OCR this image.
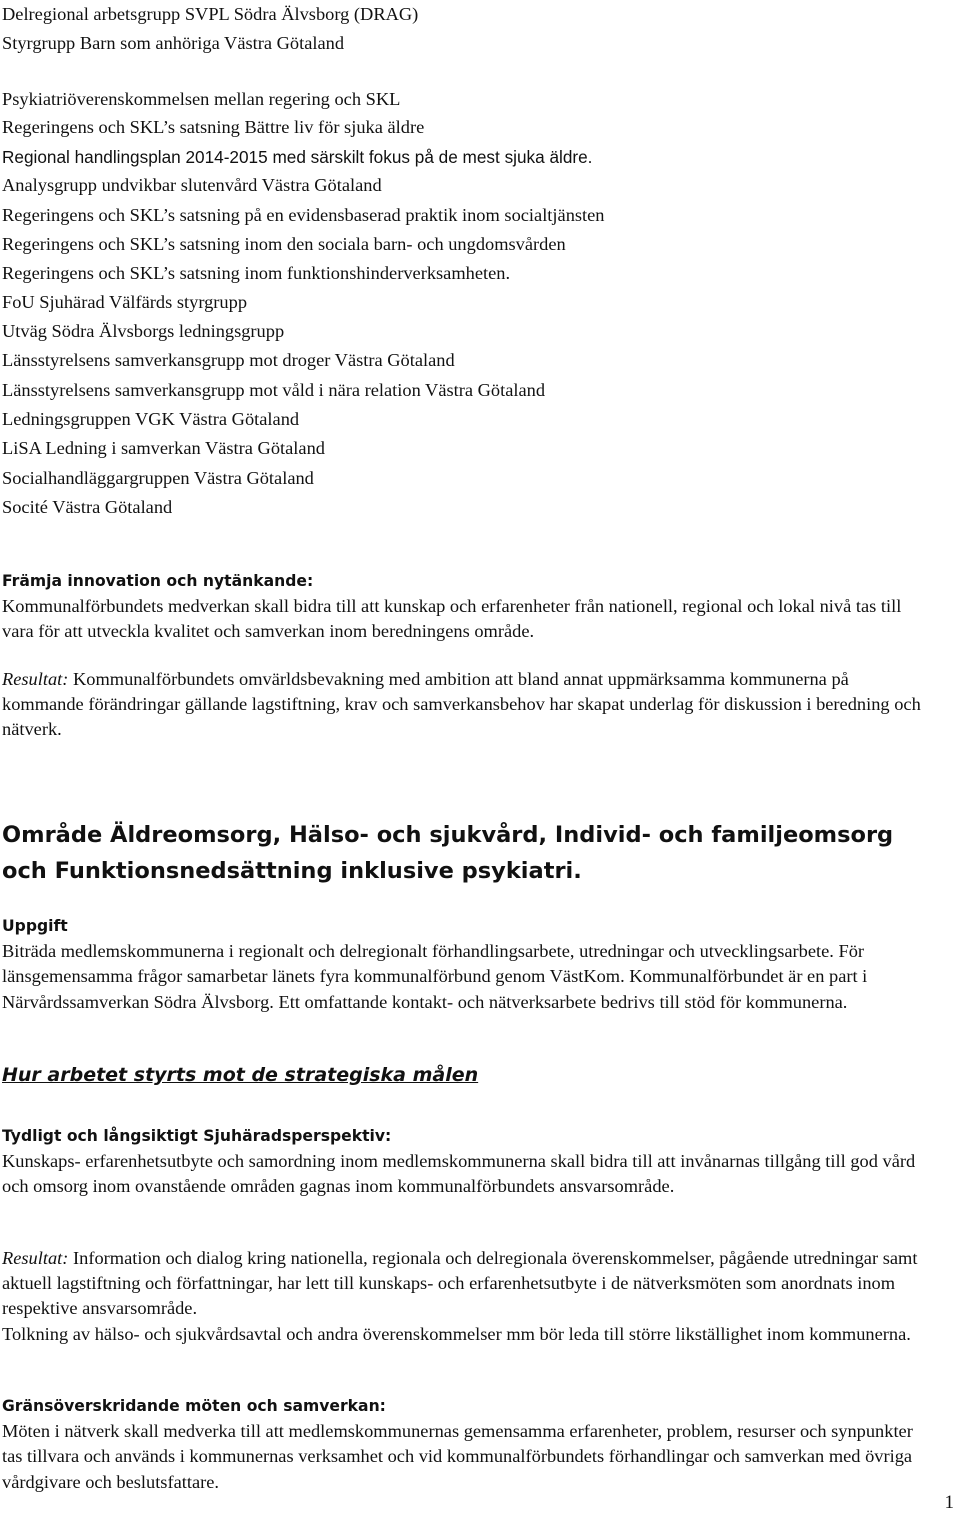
Delregional arbetsgrupp SVPL Södra Älvsborg (DRAG)
Styrgrupp Barn som anhöriga Västra Götaland
Psykiatriöverenskommelsen mellan regering och SKL
Regeringens och SKL’s satsning Bättre liv för sjuka äldre
Regional handlingsplan 2014-2015 med särskilt fokus på de mest sjuka äldre.
Analysgrupp undvikbar slutenvård Västra Götaland
Regeringens och SKL’s satsning på en evidensbaserad praktik inom socialtjänsten
Regeringens och SKL’s satsning inom den sociala barn- och ungdomsvården
Regeringens och SKL’s satsning inom funktionshinderverksamheten.
FoU Sjuhärad Välfärds styrgrupp
Utväg Södra Älvsborgs ledningsgrupp
Länsstyrelsens samverkansgrupp mot droger Västra Götaland
Länsstyrelsens samverkansgrupp mot våld i nära relation Västra Götaland
Ledningsgruppen VGK Västra Götaland
LiSA Ledning i samverkan Västra Götaland
Socialhandläggargruppen Västra Götaland
Socité Västra Götaland
Främja innovation och nytänkande:
Kommunalförbundets medverkan skall bidra till att kunskap och erfarenheter från nationell, regional och lokal nivå tas till vara för att utveckla kvalitet och samverkan inom beredningens område.
Resultat: Kommunalförbundets omvärldsbevakning med ambition att bland annat uppmärksamma kommunerna på kommande förändringar gällande lagstiftning, krav och samverkansbehov har skapat underlag för diskussion i beredning och nätverk.
Område Äldreomsorg, Hälso- och sjukvård, Individ- och familjeomsorg och Funktionsnedsättning inklusive psykiatri.
Uppgift
Biträda medlemskommunerna i regionalt och delregionalt förhandlingsarbete, utredningar och utvecklingsarbete. För länsgemensamma frågor samarbetar länets fyra kommunalförbund genom VästKom. Kommunalförbundet är en part i Närvårdssamverkan Södra Älvsborg. Ett omfattande kontakt- och nätverksarbete bedrivs till stöd för kommunerna.
Hur arbetet styrts mot de strategiska målen
Tydligt och långsiktigt Sjuhäradsperspektiv:
Kunskaps- erfarenhetsutbyte och samordning inom medlemskommunerna skall bidra till att invånarnas tillgång till god vård och omsorg inom ovanstående områden gagnas inom kommunalförbundets ansvarsområde.
Resultat: Information och dialog kring nationella, regionala och delregionala överenskommelser, pågående utredningar samt aktuell lagstiftning och författningar, har lett till kunskaps- och erfarenhetsutbyte i de nätverksmöten som anordnats inom respektive ansvarsområde.
Tolkning av hälso- och sjukvårdsavtal och andra överenskommelser mm bör leda till större likställighet inom kommunerna.
Gränsöverskridande möten och samverkan:
Möten i nätverk skall medverka till att medlemskommunernas gemensamma erfarenheter, problem, resurser och synpunkter tas tillvara och används i kommunernas verksamhet och vid kommunalförbundets förhandlingar och samverkan med övriga vårdgivare och beslutsfattare.
1
